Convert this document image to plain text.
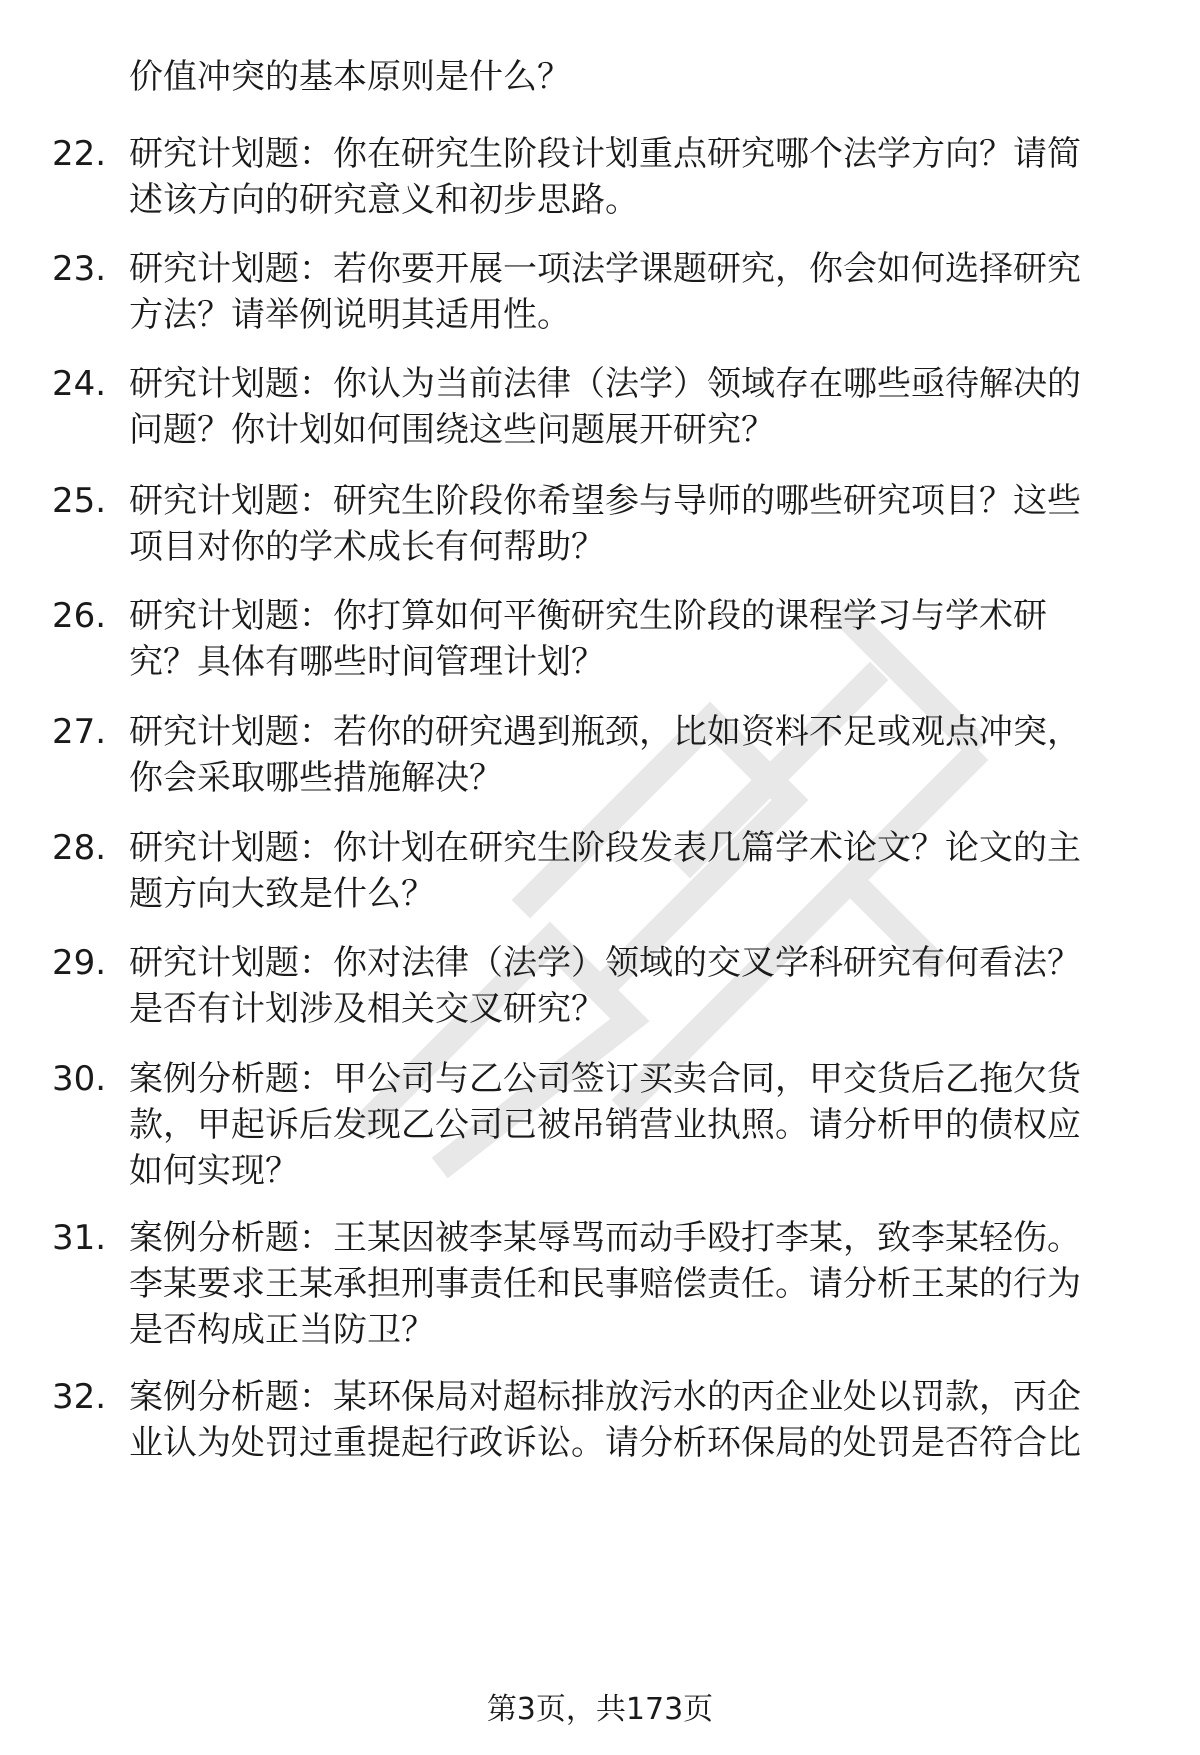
价值冲突的基本原则是什么？
22. 研究计划题：你在研究生阶段计划重点研究哪个法学方向？请简
述该方向的研究意义和初步思路。
23. 研究计划题：若你要开展一项法学课题研究，你会如何选择研究
方法？请举例说明其适用性。
24. 研究计划题：你认为当前法律（法学）领域存在哪些亟待解决的
问题？你计划如何围绕这些问题展开研究？
25. 研究计划题：研究生阶段你希望参与导师的哪些研究项目？这些
项目对你的学术成长有何帮助？
26. 研究计划题：你打算如何平衡研究生阶段的课程学习与学术研
究？具体有哪些时间管理计划？
27. 研究计划题：若你的研究遇到瓶颈，比如资料不足或观点冲突，
你会采取哪些措施解决？
28. 研究计划题：你计划在研究生阶段发表几篇学术论文？论文的主
题方向大致是什么？
29. 研究计划题：你对法律（法学）领域的交叉学科研究有何看法？
是否有计划涉及相关交叉研究？
30. 案例分析题：甲公司与乙公司签订买卖合同，甲交货后乙拖欠货
款，甲起诉后发现乙公司已被吊销营业执照。请分析甲的债权应
如何实现？
31. 案例分析题：王某因被李某辱骂而动手殴打李某，致李某轻伤。
李某要求王某承担刑事责任和民事赔偿责任。请分析王某的行为
是否构成正当防卫？
32. 案例分析题：某环保局对超标排放污水的丙企业处以罚款，丙企
业认为处罚过重提起行政诉讼。请分析环保局的处罚是否符合比
第3页，共173页
